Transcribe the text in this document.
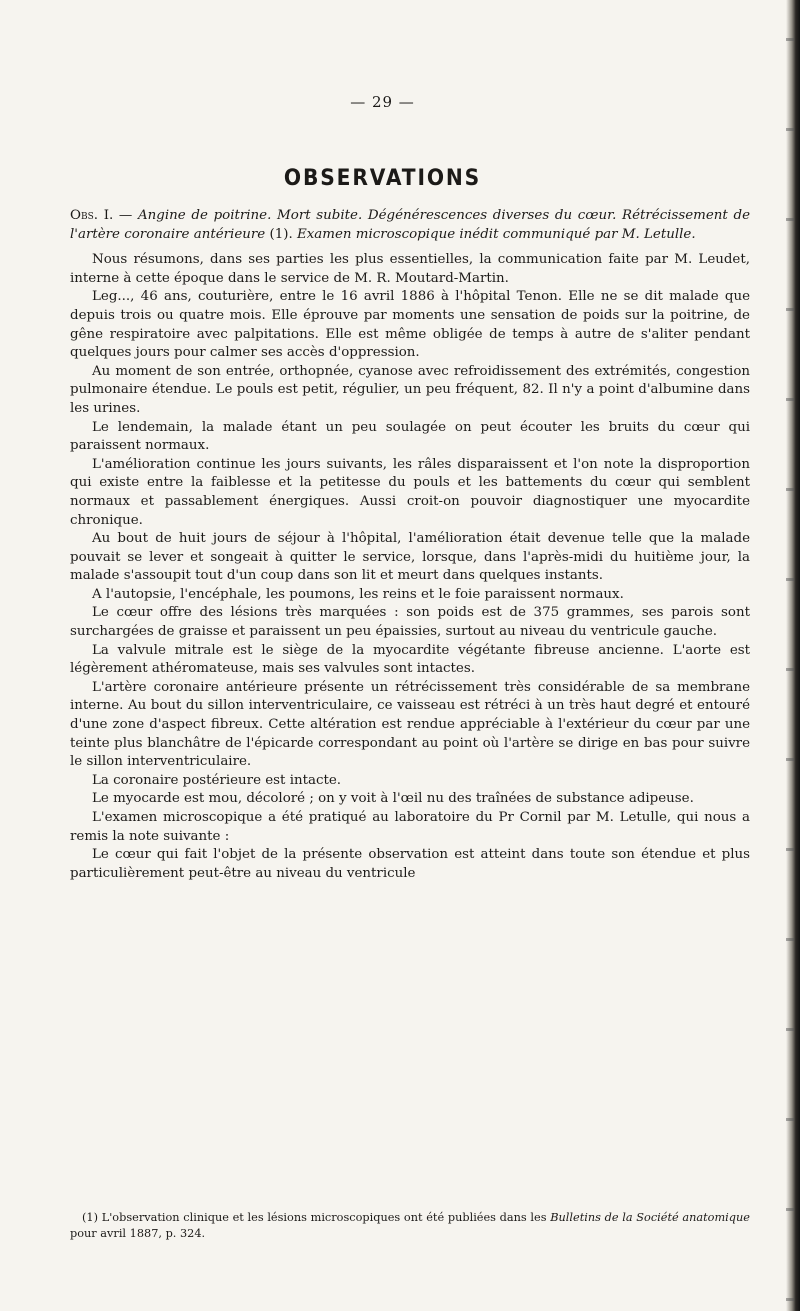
— 29 —
OBSERVATIONS

Obs. I. — Angine de poitrine. Mort subite. Dégénérescences diverses du cœur. Rétrécissement de l'artère coronaire antérieure (1). Examen microscopique inédit communiqué par M. Letulle.

Nous résumons, dans ses parties les plus essentielles, la communication faite par M. Leudet, interne à cette époque dans le service de M. R. Moutard-Martin.

Leg..., 46 ans, couturière, entre le 16 avril 1886 à l'hôpital Tenon. Elle ne se dit malade que depuis trois ou quatre mois. Elle éprouve par moments une sensation de poids sur la poitrine, de gêne respiratoire avec palpitations. Elle est même obligée de temps à autre de s'aliter pendant quelques jours pour calmer ses accès d'oppression.

Au moment de son entrée, orthopnée, cyanose avec refroidissement des extrémités, congestion pulmonaire étendue. Le pouls est petit, régulier, un peu fréquent, 82. Il n'y a point d'albumine dans les urines.

Le lendemain, la malade étant un peu soulagée on peut écouter les bruits du cœur qui paraissent normaux.

L'amélioration continue les jours suivants, les râles disparaissent et l'on note la disproportion qui existe entre la faiblesse et la petitesse du pouls et les battements du cœur qui semblent normaux et passablement énergiques. Aussi croit-on pouvoir diagnostiquer une myocardite chronique.

Au bout de huit jours de séjour à l'hôpital, l'amélioration était devenue telle que la malade pouvait se lever et songeait à quitter le service, lorsque, dans l'après-midi du huitième jour, la malade s'assoupit tout d'un coup dans son lit et meurt dans quelques instants.

A l'autopsie, l'encéphale, les poumons, les reins et le foie paraissent normaux.

Le cœur offre des lésions très marquées : son poids est de 375 grammes, ses parois sont surchargées de graisse et paraissent un peu épaissies, surtout au niveau du ventricule gauche.

La valvule mitrale est le siège de la myocardite végétante fibreuse ancienne. L'aorte est légèrement athéromateuse, mais ses valvules sont intactes.

L'artère coronaire antérieure présente un rétrécissement très considérable de sa membrane interne. Au bout du sillon interventriculaire, ce vaisseau est rétréci à un très haut degré et entouré d'une zone d'aspect fibreux. Cette altération est rendue appréciable à l'extérieur du cœur par une teinte plus blanchâtre de l'épicarde correspondant au point où l'artère se dirige en bas pour suivre le sillon interventriculaire.

La coronaire postérieure est intacte.

Le myocarde est mou, décoloré ; on y voit à l'œil nu des traînées de substance adipeuse.

L'examen microscopique a été pratiqué au laboratoire du Pr Cornil par M. Letulle, qui nous a remis la note suivante :

Le cœur qui fait l'objet de la présente observation est atteint dans toute son étendue et plus particulièrement peut-être au niveau du ventricule

(1) L'observation clinique et les lésions microscopiques ont été publiées dans les Bulletins de la Société anatomique pour avril 1887, p. 324.
